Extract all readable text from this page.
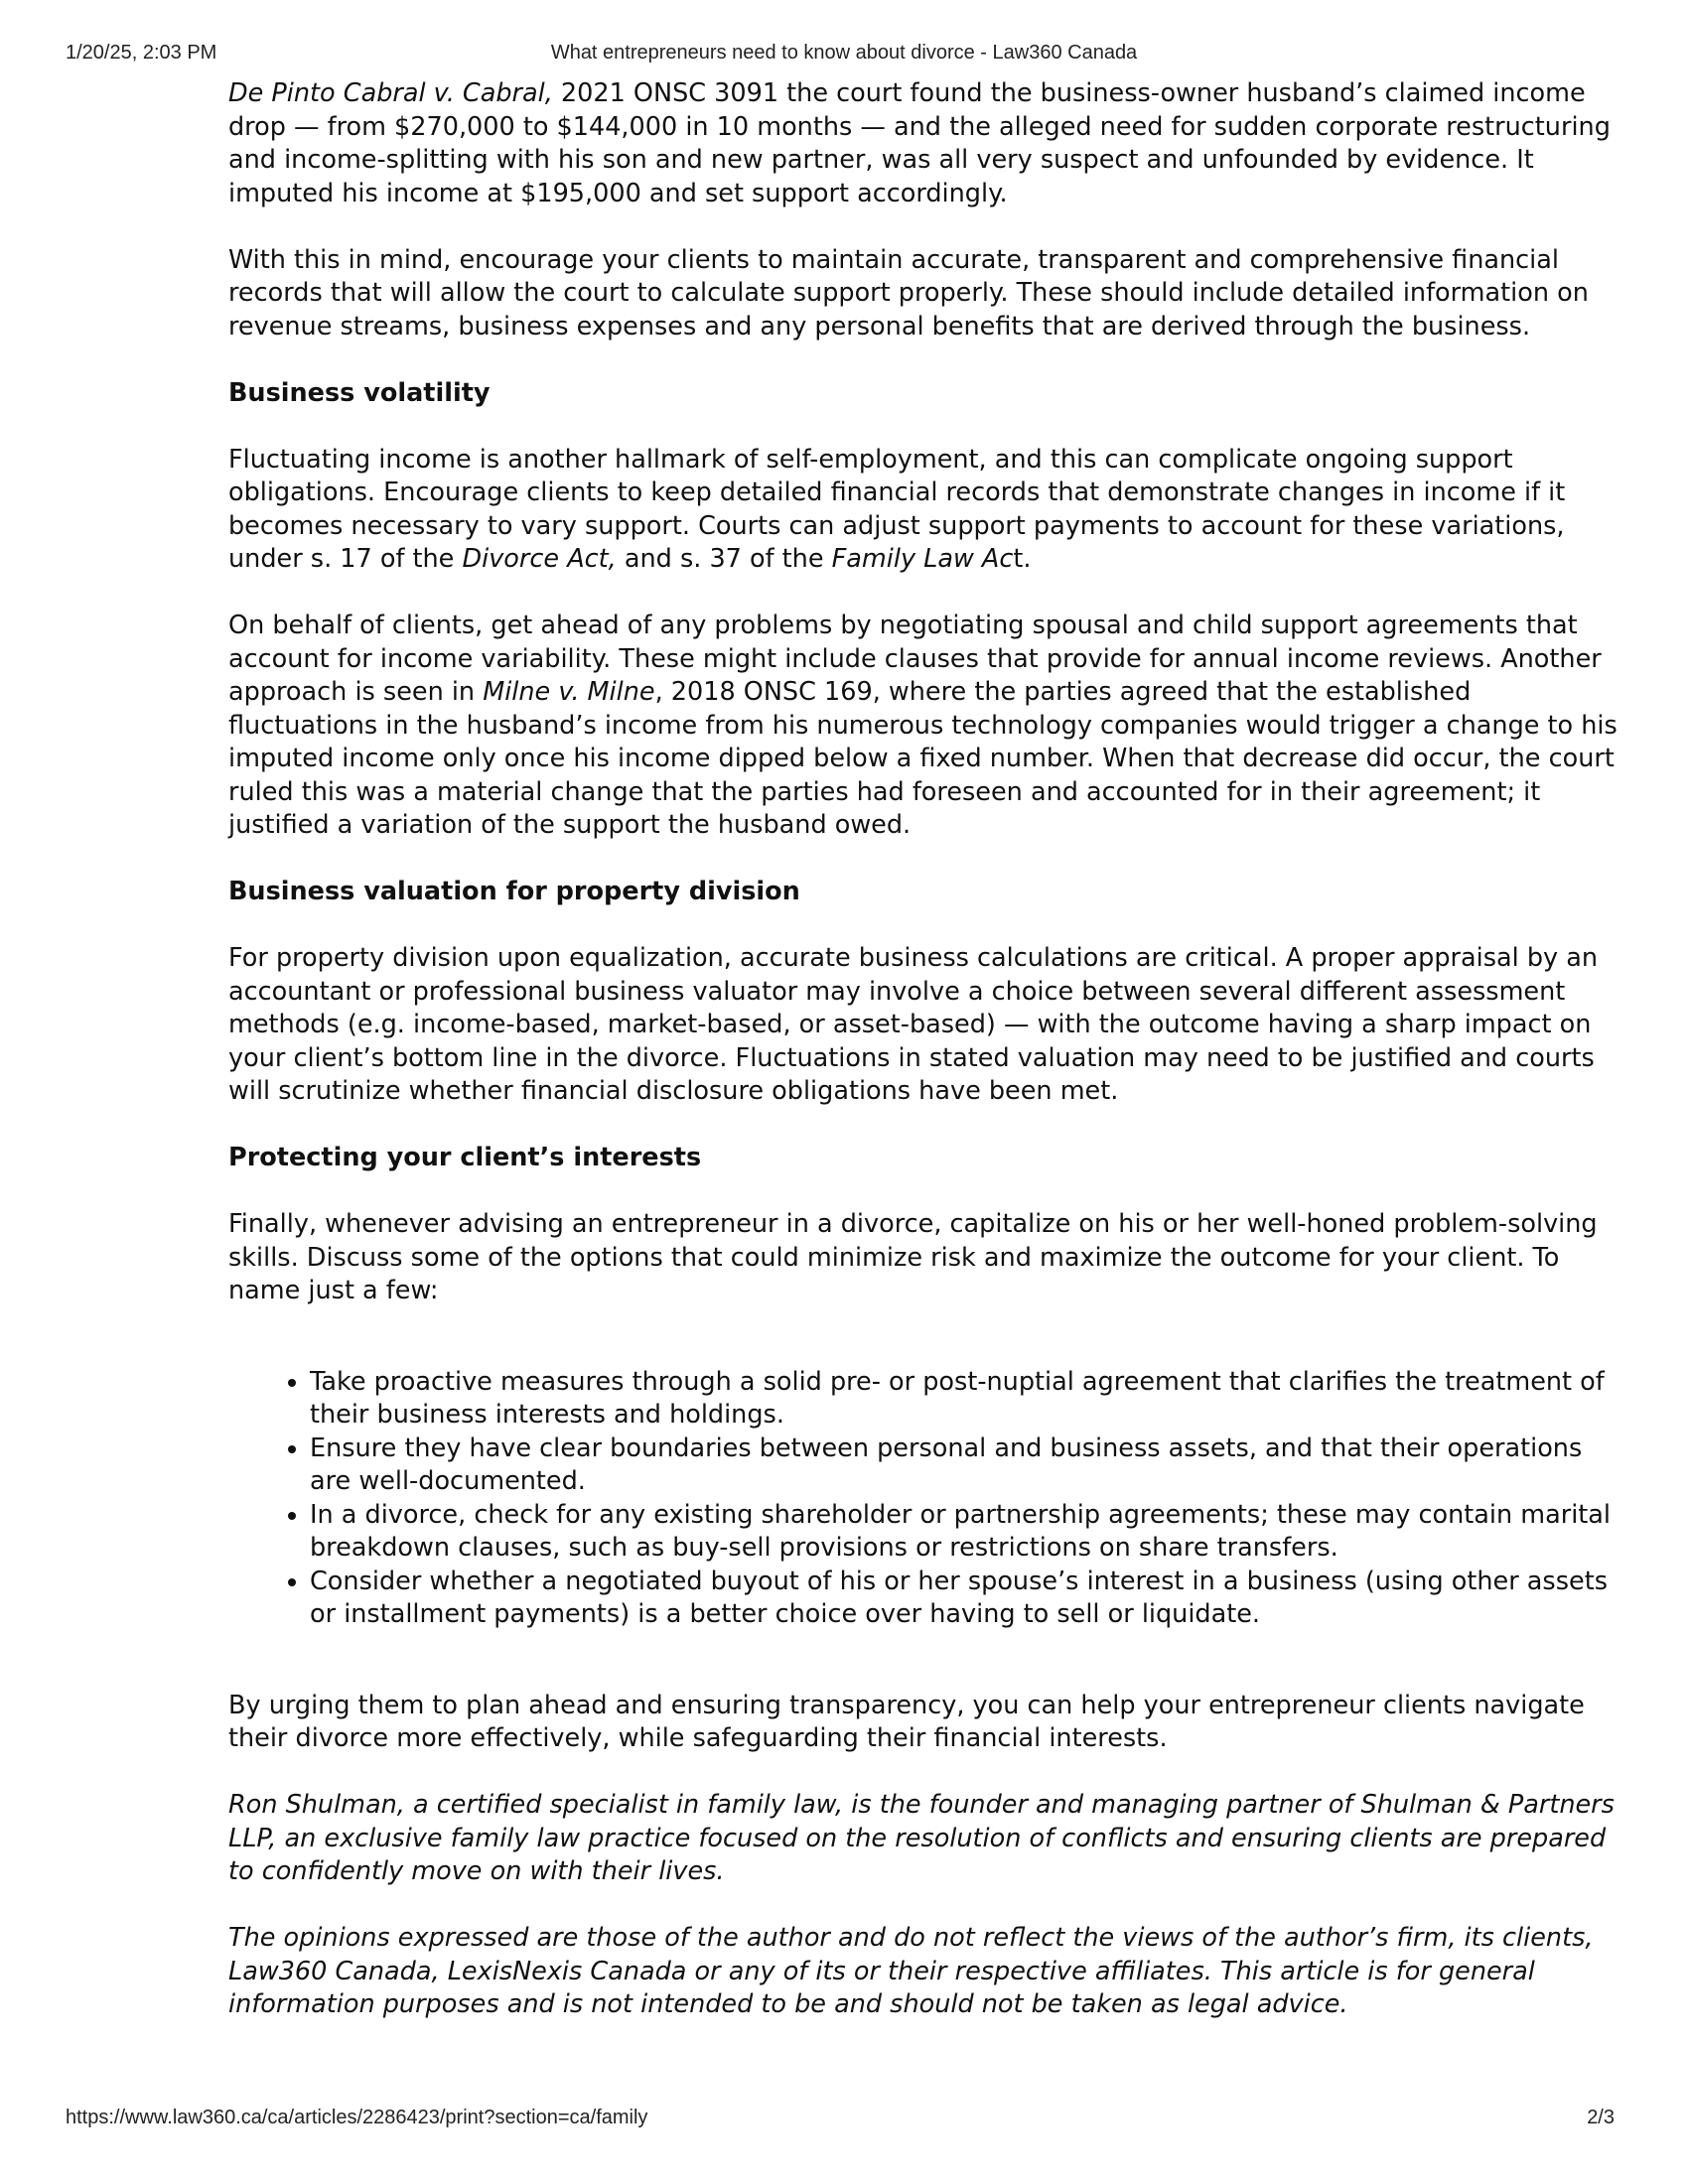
1/20/25, 2:03 PM	What entrepreneurs need to know about divorce - Law360 Canada

De Pinto Cabral v. Cabral, 2021 ONSC 3091 the court found the business-owner husband’s claimed income drop — from $270,000 to $144,000 in 10 months — and the alleged need for sudden corporate restructuring and income-splitting with his son and new partner, was all very suspect and unfounded by evidence. It imputed his income at $195,000 and set support accordingly.

With this in mind, encourage your clients to maintain accurate, transparent and comprehensive financial records that will allow the court to calculate support properly. These should include detailed information on revenue streams, business expenses and any personal benefits that are derived through the business.

Business volatility

Fluctuating income is another hallmark of self-employment, and this can complicate ongoing support obligations. Encourage clients to keep detailed financial records that demonstrate changes in income if it becomes necessary to vary support. Courts can adjust support payments to account for these variations, under s. 17 of the Divorce Act, and s. 37 of the Family Law Act.

On behalf of clients, get ahead of any problems by negotiating spousal and child support agreements that account for income variability. These might include clauses that provide for annual income reviews. Another approach is seen in Milne v. Milne, 2018 ONSC 169, where the parties agreed that the established fluctuations in the husband’s income from his numerous technology companies would trigger a change to his imputed income only once his income dipped below a fixed number. When that decrease did occur, the court ruled this was a material change that the parties had foreseen and accounted for in their agreement; it justified a variation of the support the husband owed.

Business valuation for property division

For property division upon equalization, accurate business calculations are critical. A proper appraisal by an accountant or professional business valuator may involve a choice between several different assessment methods (e.g. income-based, market-based, or asset-based) — with the outcome having a sharp impact on your client’s bottom line in the divorce. Fluctuations in stated valuation may need to be justified and courts will scrutinize whether financial disclosure obligations have been met.

Protecting your client’s interests

Finally, whenever advising an entrepreneur in a divorce, capitalize on his or her well-honed problem-solving skills. Discuss some of the options that could minimize risk and maximize the outcome for your client. To name just a few:

• Take proactive measures through a solid pre- or post-nuptial agreement that clarifies the treatment of their business interests and holdings.
• Ensure they have clear boundaries between personal and business assets, and that their operations are well-documented.
• In a divorce, check for any existing shareholder or partnership agreements; these may contain marital breakdown clauses, such as buy-sell provisions or restrictions on share transfers.
• Consider whether a negotiated buyout of his or her spouse’s interest in a business (using other assets or installment payments) is a better choice over having to sell or liquidate.

By urging them to plan ahead and ensuring transparency, you can help your entrepreneur clients navigate their divorce more effectively, while safeguarding their financial interests.

Ron Shulman, a certified specialist in family law, is the founder and managing partner of Shulman & Partners LLP, an exclusive family law practice focused on the resolution of conflicts and ensuring clients are prepared to confidently move on with their lives.

The opinions expressed are those of the author and do not reflect the views of the author’s firm, its clients, Law360 Canada, LexisNexis Canada or any of its or their respective affiliates. This article is for general information purposes and is not intended to be and should not be taken as legal advice.

https://www.law360.ca/ca/articles/2286423/print?section=ca/family	2/3
